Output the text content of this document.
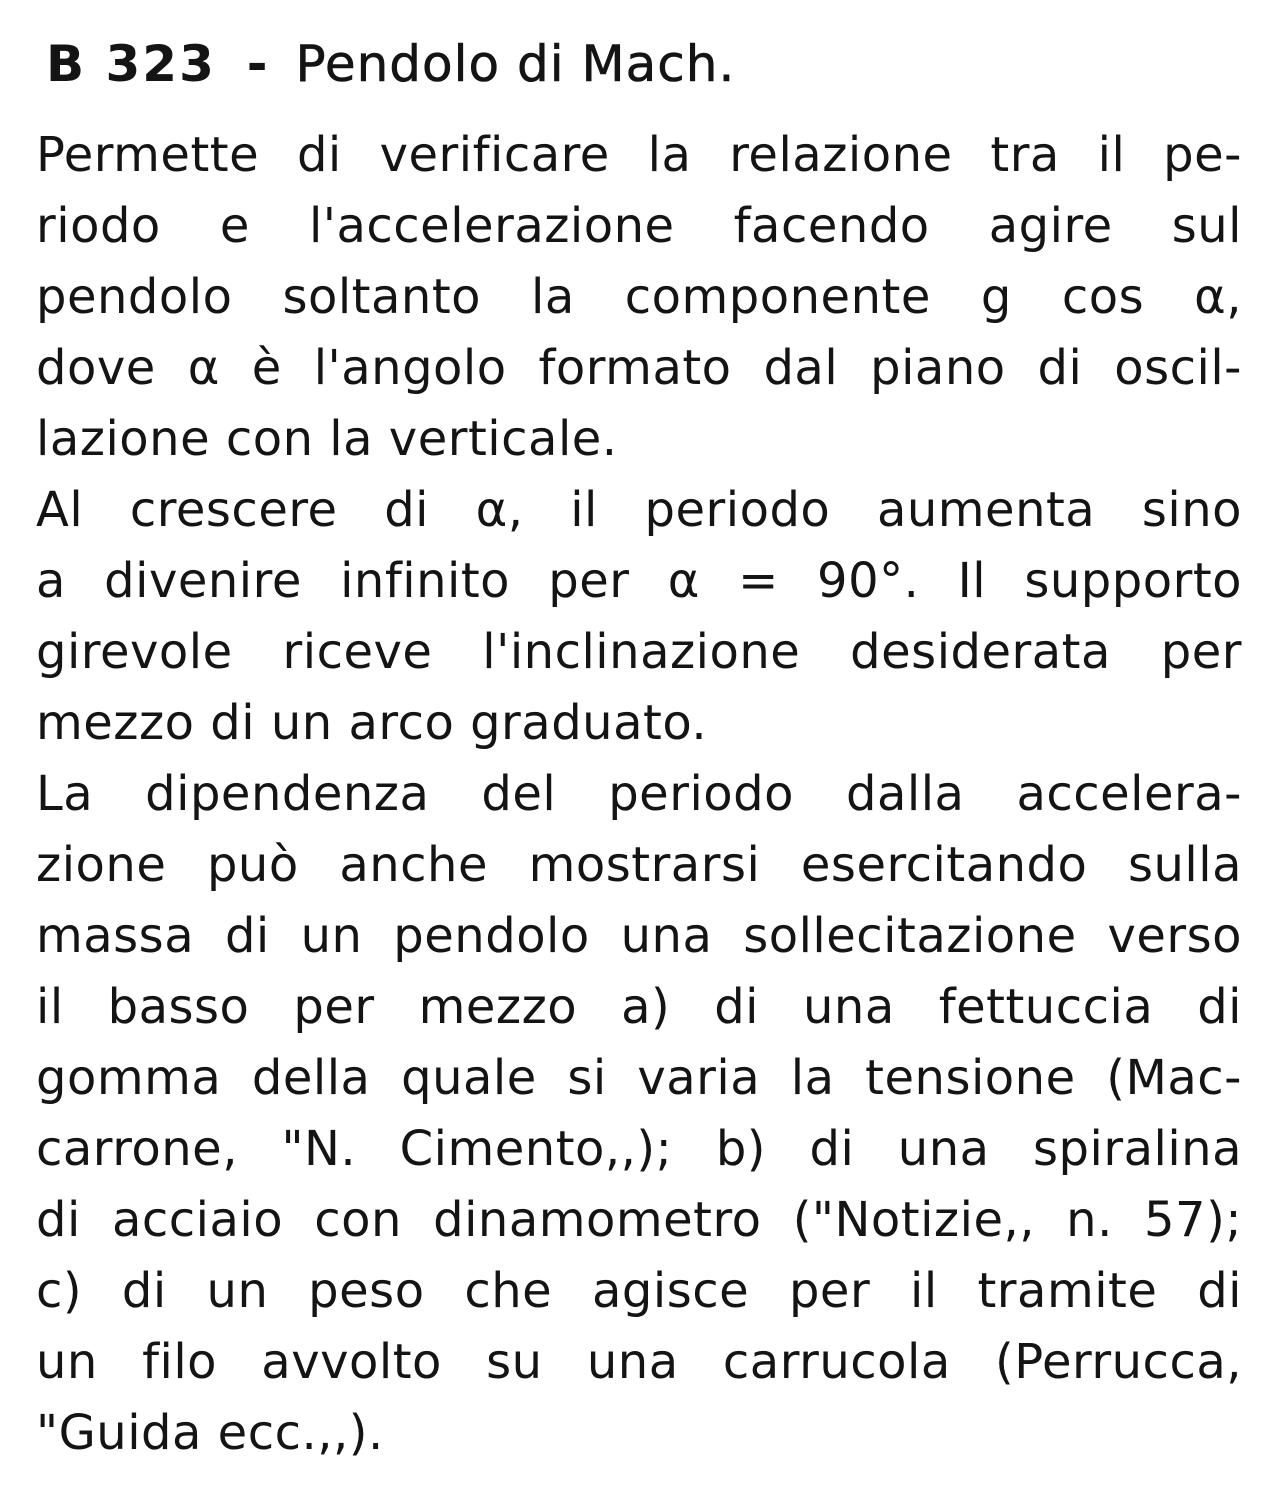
B 323 - Pendolo di Mach.
Permette di verificare la relazione tra il pe-
riodo e l'accelerazione facendo agire sul
pendolo soltanto la componente g cos α,
dove α è l'angolo formato dal piano di oscil-
lazione con la verticale.
Al crescere di α, il periodo aumenta sino
a divenire infinito per α = 90°. Il supporto
girevole riceve l'inclinazione desiderata per
mezzo di un arco graduato.
La dipendenza del periodo dalla accelera-
zione può anche mostrarsi esercitando sulla
massa di un pendolo una sollecitazione verso
il basso per mezzo a) di una fettuccia di
gomma della quale si varia la tensione (Mac-
carrone, "N. Cimento,,); b) di una spiralina
di acciaio con dinamometro ("Notizie,, n. 57);
c) di un peso che agisce per il tramite di
un filo avvolto su una carrucola (Perrucca,
"Guida ecc.,,).
